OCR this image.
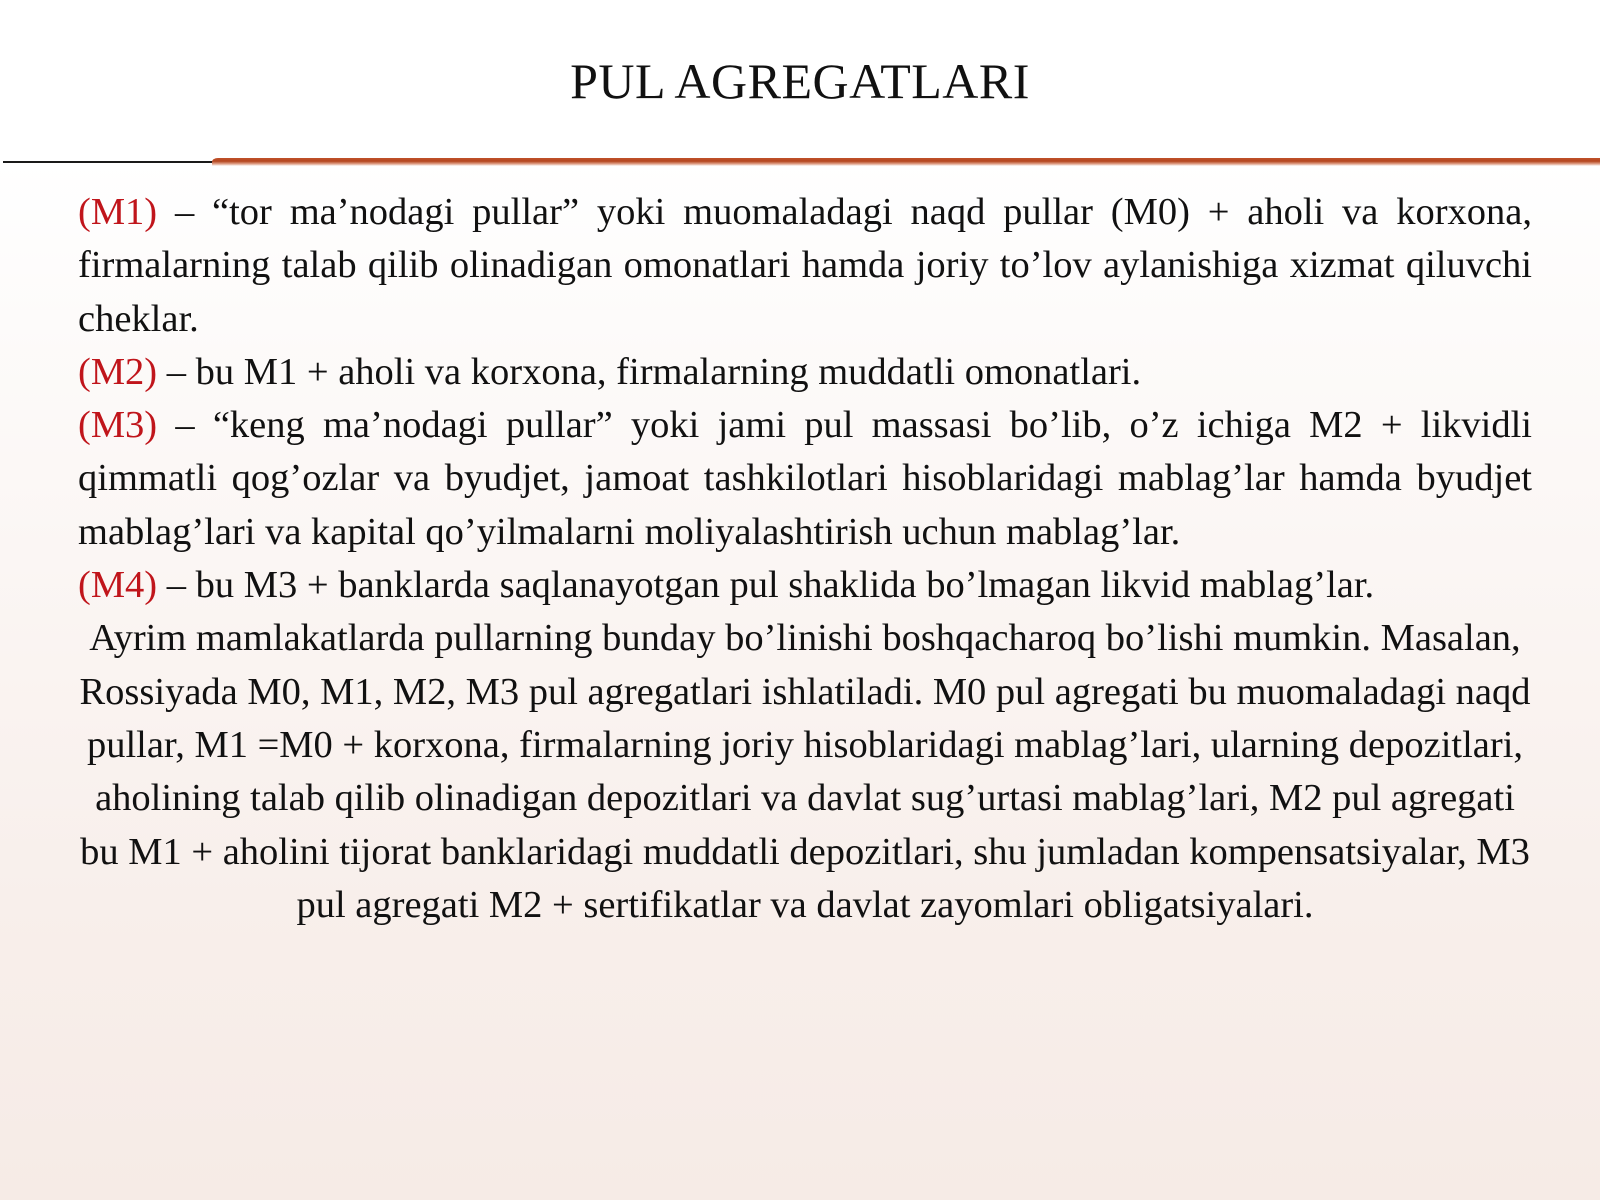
PUL AGREGATLARI

(M1) – “tor ma’nodagi pullar” yoki muomaladagi naqd pullar (M0) + aholi va korxona, firmalarning talab qilib olinadigan omonatlari hamda joriy to’lov aylanishiga xizmat qiluvchi cheklar.

(M2) – bu M1 + aholi va korxona, firmalarning muddatli omonatlari.

(M3) – “keng ma’nodagi pullar” yoki jami pul massasi bo’lib, o’z ichiga M2 + likvidli qimmatli qog’ozlar va byudjet, jamoat tashkilotlari hisoblaridagi mablag’lar hamda byudjet mablag’lari va kapital qo’yilmalarni moliyalashtirish uchun mablag’lar.

(M4) – bu M3 + banklarda saqlanayotgan pul shaklida bo’lmagan likvid mablag’lar.

Ayrim mamlakatlarda pullarning bunday bo’linishi boshqacharoq bo’lishi mumkin. Masalan, Rossiyada M0, M1, M2, M3 pul agregatlari ishlatiladi. M0 pul agregati bu muomaladagi naqd pullar, M1 =M0 + korxona, firmalarning joriy hisoblaridagi mablag’lari, ularning depozitlari, aholining talab qilib olinadigan depozitlari va davlat sug’urtasi mablag’lari, M2 pul agregati bu M1 + aholini tijorat banklaridagi muddatli depozitlari, shu jumladan kompensatsiyalar, M3 pul agregati M2 + sertifikatlar va davlat zayomlari obligatsiyalari.
